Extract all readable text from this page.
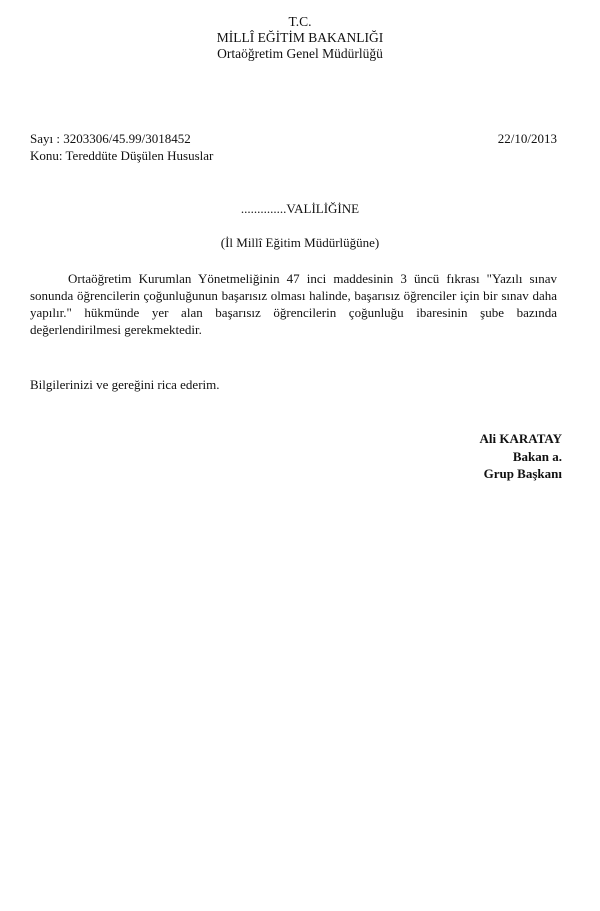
T.C.
MİLLÎ EĞİTİM BAKANLIĞI
Ortaöğretim Genel Müdürlüğü
Sayı : 3203306/45.99/3018452	22/10/2013
Konu: Tereddüte Düşülen Hususlar
..............VALİLİĞİNE
(İl Millî Eğitim Müdürlüğüne)
Ortaöğretim Kurumlan Yönetmeliğinin 47 inci maddesinin 3 üncü fıkrası "Yazılı sınav sonunda öğrencilerin çoğunluğunun başarısız olması halinde, başarısız öğrenciler için bir sınav daha yapılır." hükmünde yer alan başarısız öğrencilerin çoğunluğu ibaresinin şube bazında değerlendirilmesi gerekmektedir.
Bilgilerinizi ve gereğini rica ederim.
Ali KARATAY
Bakan a.
Grup Başkanı
